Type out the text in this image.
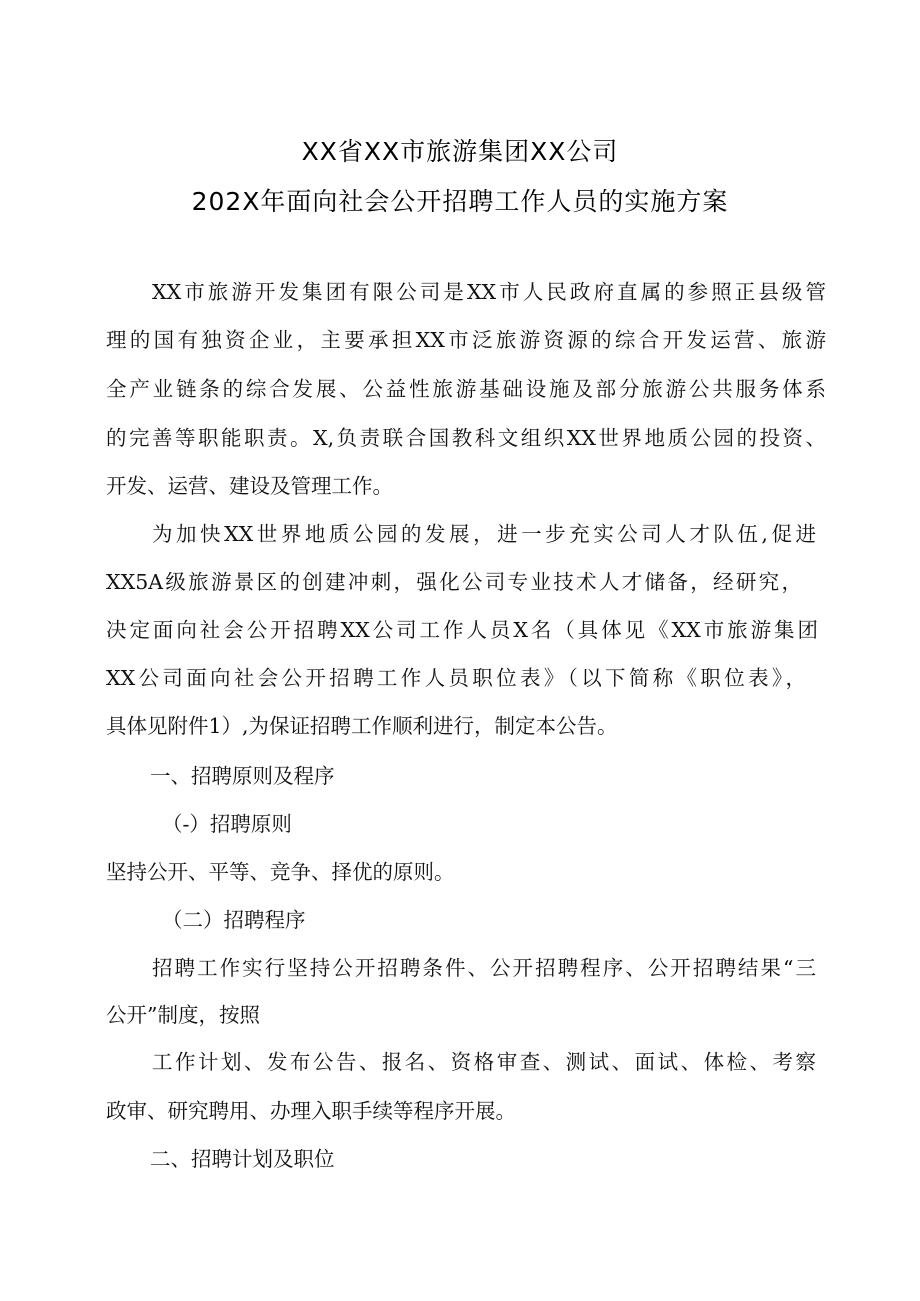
XX省XX市旅游集团XX公司
202X年面向社会公开招聘工作人员的实施方案
XX市旅游开发集团有限公司是XX市人民政府直属的参照正县级管
理的国有独资企业，主要承担XX市泛旅游资源的综合开发运营、旅游
全产业链条的综合发展、公益性旅游基础设施及部分旅游公共服务体系
的完善等职能职责。X,负责联合国教科文组织XX世界地质公园的投资、
开发、运营、建设及管理工作。
为加快XX世界地质公园的发展，进一步充实公司人才队伍,促进
XX5A级旅游景区的创建冲刺，强化公司专业技术人才储备，经研究，
决定面向社会公开招聘XX公司工作人员X名（具体见《XX市旅游集团
XX公司面向社会公开招聘工作人员职位表》（以下简称《职位表》，
具体见附件1）,为保证招聘工作顺利进行，制定本公告。
一、招聘原则及程序
（-）招聘原则
坚持公开、平等、竞争、择优的原则。
（二）招聘程序
招聘工作实行坚持公开招聘条件、公开招聘程序、公开招聘结果“三
公开”制度，按照
工作计划、发布公告、报名、资格审查、测试、面试、体检、考察
政审、研究聘用、办理入职手续等程序开展。
二、招聘计划及职位
